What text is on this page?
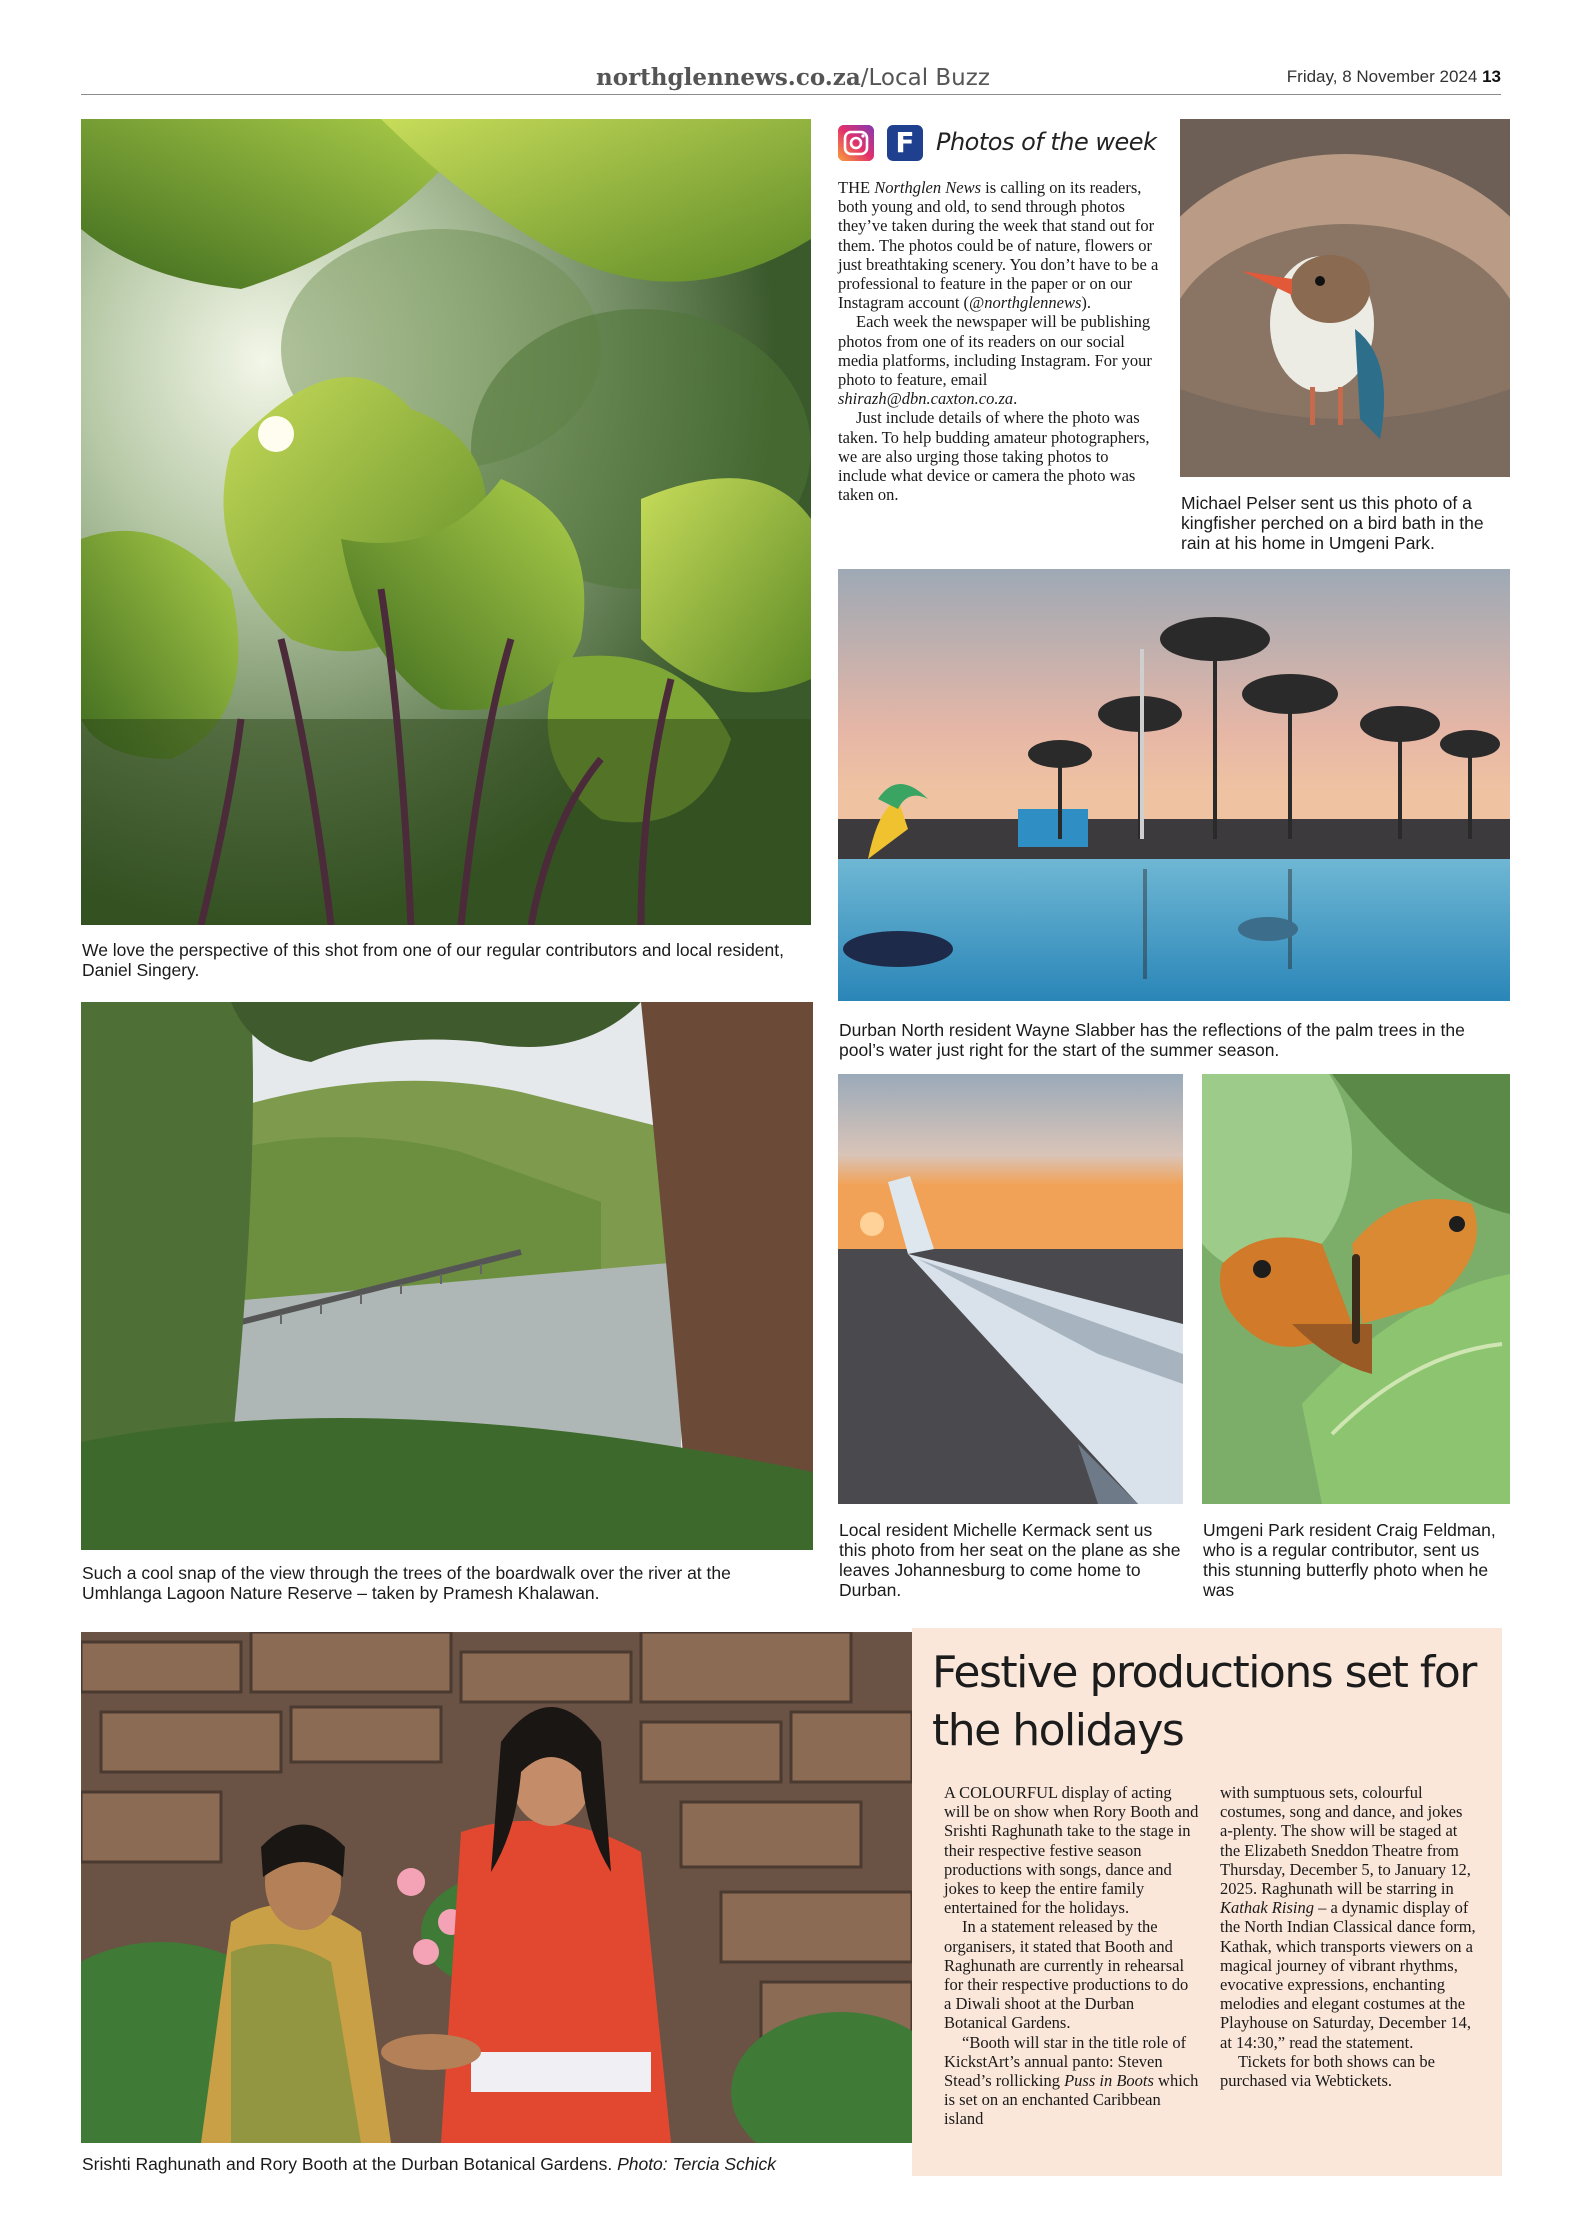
northglennews.co.za/Local Buzz	Friday, 8 November 2024 13
We love the perspective of this shot from one of our regular contributors and local resident, Daniel Singery.
F Photos of the week

THE Northglen News is calling on its readers, both young and old, to send through photos they’ve taken during the week that stand out for them. The photos could be of nature, flowers or just breathtaking scenery. You don’t have to be a professional to feature in the paper or on our Instagram account (@northglennews).

Each week the newspaper will be publishing photos from one of its readers on our social media platforms, including Instagram. For your photo to feature, email shirazh@dbn.caxton.co.za.

Just include details of where the photo was taken. To help budding amateur photographers, we are also urging those taking photos to include what device or camera the photo was taken on.	Michael Pelser sent us this photo of a kingfisher perched on a bird bath in the rain at his home in Umgeni Park.
Durban North resident Wayne Slabber has the reflections of the palm trees in the pool’s water just right for the start of the summer season.
Such a cool snap of the view through the trees of the boardwalk over the river at the Umhlanga Lagoon Nature Reserve – taken by Pramesh Khalawan.
Local resident Michelle Kermack sent us this photo from her seat on the plane as she leaves Johannesburg to come home to Durban.
Umgeni Park resident Craig Feldman, who is a regular contributor, sent us this stunning butterfly photo when he was
Srishti Raghunath and Rory Booth at the Durban Botanical Gardens. Photo: Tercia Schick
Festive productions set for the holidays

A COLOURFUL display of acting will be on show when Rory Booth and Srishti Raghunath take to the stage in their respective festive season productions with songs, dance and jokes to keep the entire family entertained for the holidays.

In a statement released by the organisers, it stated that Booth and Raghunath are currently in rehearsal for their respective productions to do a Diwali shoot at the Durban Botanical Gardens.

“Booth will star in the title role of KickstArt’s annual panto: Steven Stead’s rollicking Puss in Boots which is set on an enchanted Caribbean island

with sumptuous sets, colourful costumes, song and dance, and jokes a-plenty. The show will be staged at the Elizabeth Sneddon Theatre from Thursday, December 5, to January 12, 2025. Raghunath will be starring in Kathak Rising – a dynamic display of the North Indian Classical dance form, Kathak, which transports viewers on a magical journey of vibrant rhythms, evocative expressions, enchanting melodies and elegant costumes at the Playhouse on Saturday, December 14, at 14:30,” read the statement.

Tickets for both shows can be purchased via Webtickets.
